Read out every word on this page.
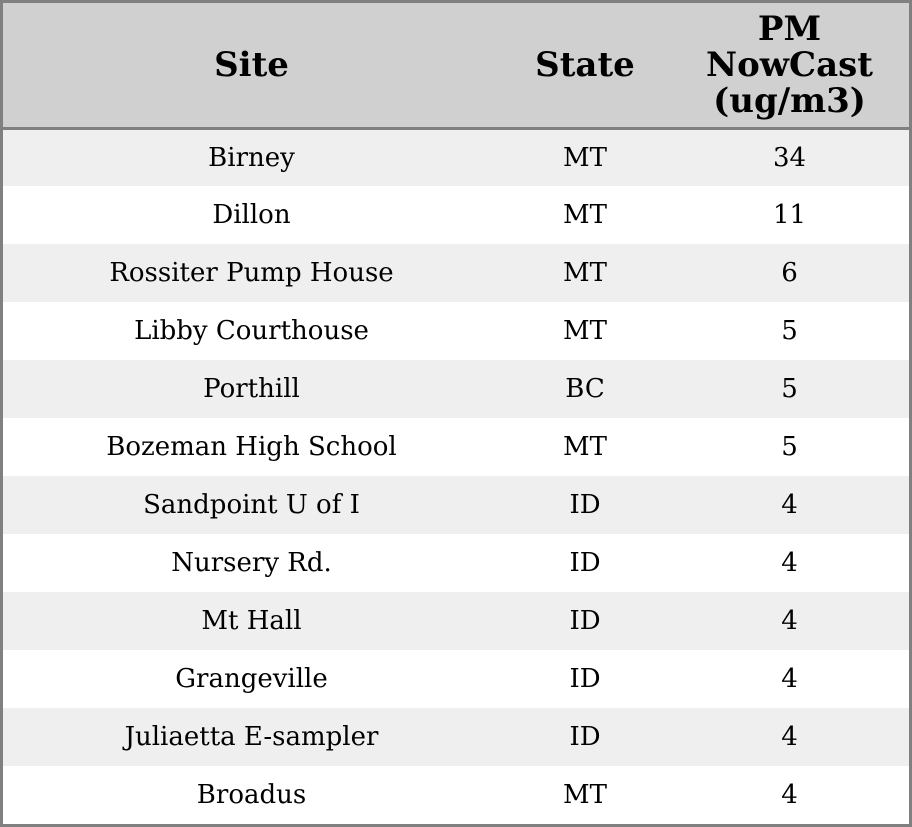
Site	State	PM
NowCast
(ug/m3)

Birney	MT	34
Dillon	MT	11
Rossiter Pump House	MT	6
Libby Courthouse	MT	5
Porthill	BC	5
Bozeman High School	MT	5
Sandpoint U of I	ID	4
Nursery Rd.	ID	4
Mt Hall	ID	4
Grangeville	ID	4
Juliaetta E-sampler	ID	4
Broadus	MT	4
